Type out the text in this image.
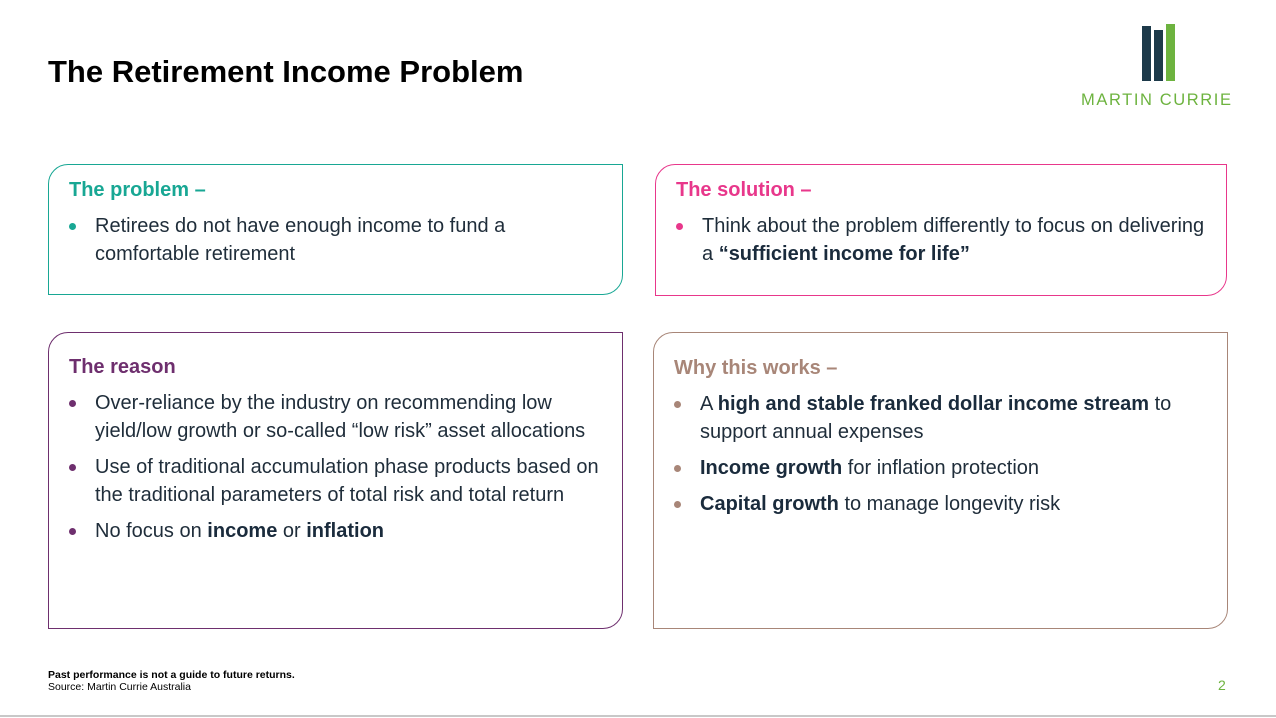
The Retirement Income Problem
MARTIN CURRIE
The problem –
Retirees do not have enough income to fund a comfortable retirement
The solution –
Think about the problem differently to focus on delivering a “sufficient income for life”
The reason
Over-reliance by the industry on recommending low yield/low growth or so-called “low risk” asset allocations
Use of traditional accumulation phase products based on the traditional parameters of total risk and total return
No focus on income or inflation
Why this works –
A high and stable franked dollar income stream to support annual expenses
Income growth for inflation protection
Capital growth to manage longevity risk
Past performance is not a guide to future returns.
Source: Martin Currie Australia	2
